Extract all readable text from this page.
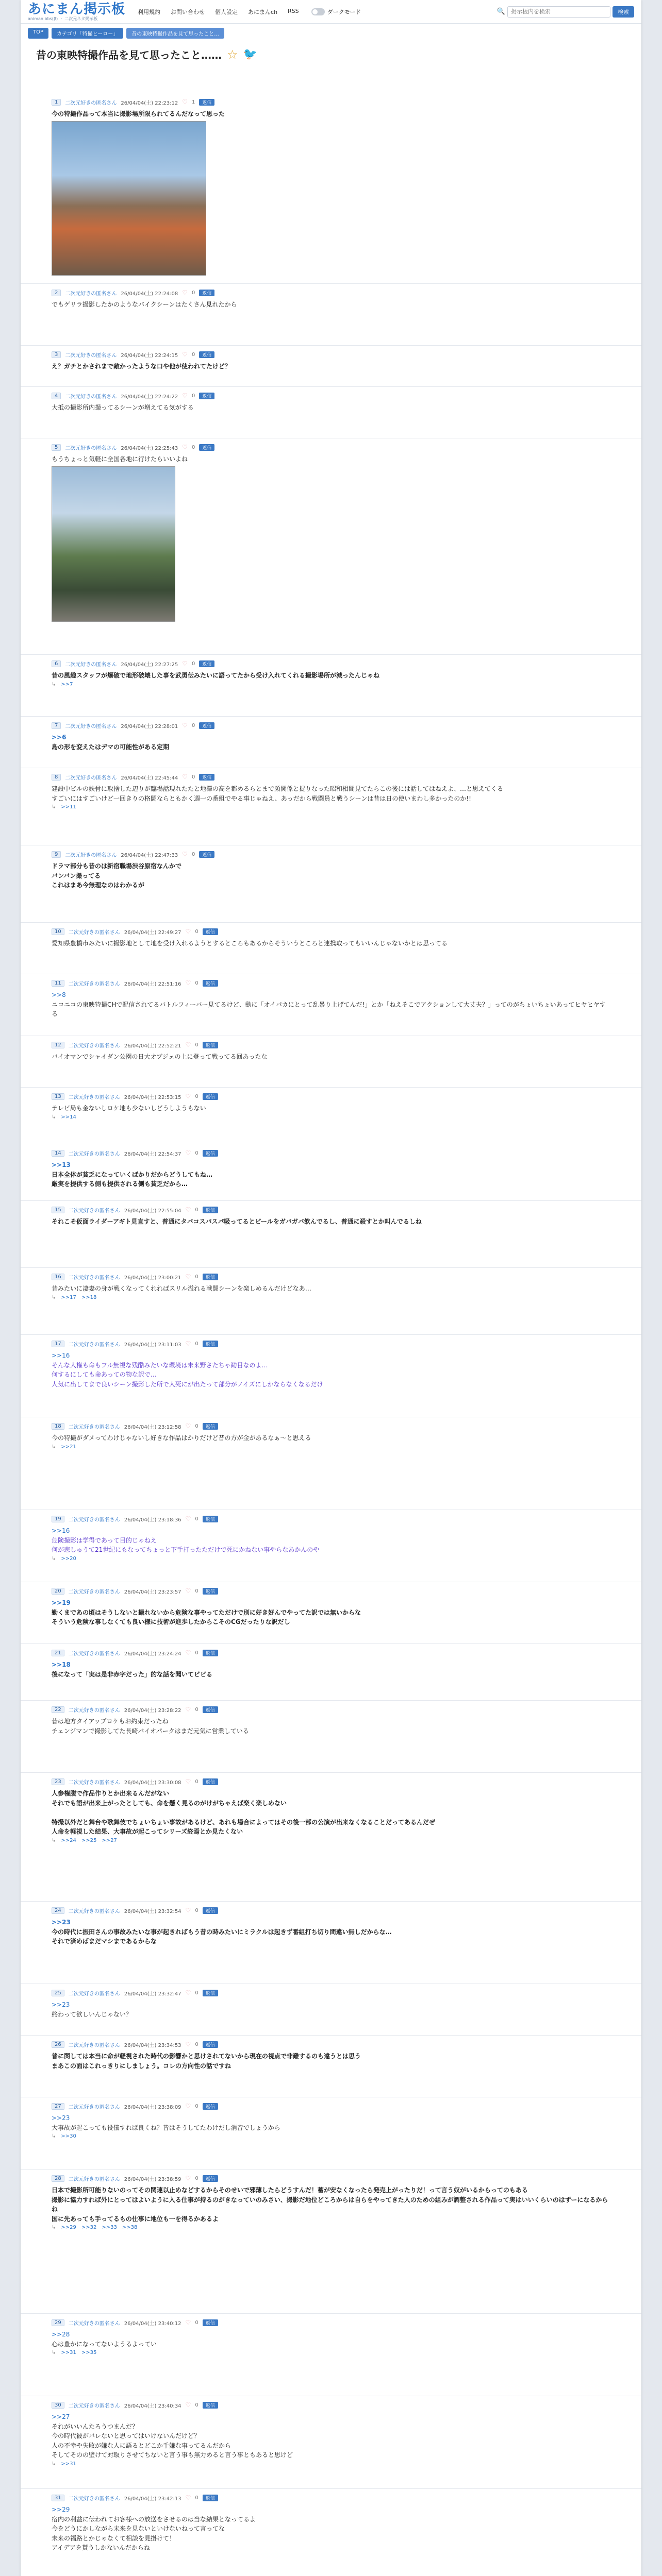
あにまん掲示板
animan bbs(β) ・ 二次元ネタ掲示板
利用規約 お問い合わせ 個人設定 あにまんch RSS	ダークモード	🔍
掲示板内を検索	検索
TOP	カテゴリ「特撮ヒーロー」	昔の東映特撮作品を見て思ったこと...
昔の東映特撮作品を見て思ったこと…… ☆ 🐦
1	二次元好きの匿名さん 26/04/04(土) 22:23:12 ♡ 1	返信
今の特撮作品って本当に撮影場所限られてるんだなって思った
2	二次元好きの匿名さん 26/04/04(土) 22:24:08 ♡ 0	返信
でもゲリラ撮影したかのようなバイクシーンはたくさん見れたから
3	二次元好きの匿名さん 26/04/04(土) 22:24:15 ♡ 0	返信
え？ガチとかされまで敵かったような口や他が使われてたけど？
4	二次元好きの匿名さん 26/04/04(土) 22:24:22 ♡ 0	返信
大抵の撮影所内撮ってるシーンが増えてる気がする
5	二次元好きの匿名さん 26/04/04(土) 22:25:43 ♡ 0	返信
もうちょっと気軽に全国各地に行けたらいいよね
6	二次元好きの匿名さん 26/04/04(土) 22:27:25 ♡ 0	返信
昔の風趣スタッフが爆破で地形破壊した事を武勇伝みたいに語ってたから受け入れてくれる撮影場所が減ったんじゃね
↳ >>7
7	二次元好きの匿名さん 26/04/04(土) 22:28:01 ♡ 0	返信
>>6
島の形を変えたはデマの可能性がある定期
8	二次元好きの匿名さん 26/04/04(土) 22:45:44 ♡ 0	返信
建設中ビルの鉄骨に取捨した辺りが臨場話現れたたと地澤の高を都めるらとまで頻関係と捉りなった昭和相間見てたらこの後には話してはねえよ、…と思えてくる
すごいにはすごいけど一回きりの格闘ならともかく週一の番組でやる事じゃねえ、あっだから戦闘員と戦うシーンは昔は日の使いまわし多かったのか!!
↳ >>11
9	二次元好きの匿名さん 26/04/04(土) 22:47:33 ♡ 0	返信
ドラマ部分も昔のは新宿職場渋谷原宿なんかで
バンバン撮ってる
これはまあ今無理なのはわかるが
10	二次元好きの匿名さん 26/04/04(土) 22:49:27 ♡ 0	返信
愛知県豊橋市みたいに撮影地として地を受け入れるようとするところもあるからそういうところと連携取ってもいいんじゃないかとは思ってる
11	二次元好きの匿名さん 26/04/04(土) 22:51:16 ♡ 0	返信
>>8
ニコニコの東映特撮CHで配信されてるバトルフィーバー見てるけど、動に「オイパカにとって乱暴り上げてんだ!」とか「ねえそこでアクションして大丈夫？」ってのがちょいちょいあってヒヤヒヤする
12	二次元好きの匿名さん 26/04/04(土) 22:52:21 ♡ 0	返信
バイオマンでシャイダン公園の日大オブジェの上に登って戦ってる回あったな
13	二次元好きの匿名さん 26/04/04(土) 22:53:15 ♡ 0	返信
テレビ局も金ないしロケ地も少ないしどうしようもない
↳ >>14
14	二次元好きの匿名さん 26/04/04(土) 22:54:37 ♡ 0	返信
>>13
日本全体が貧乏になっていくばかりだからどうしてもね…
厳実を提供する側も提供される側も貧乏だから…
15	二次元好きの匿名さん 26/04/04(土) 22:55:04 ♡ 0	返信
それこそ仮面ライダーアギト見直すと、普通にタバコスパスパ吸ってるとビールをガバガバ飲んでるし、普通に殺すとか叫んでるしね
16	二次元好きの匿名さん 26/04/04(土) 23:00:21 ♡ 0	返信
昔みたいに凄妻の身が戦くなってくれればスリル溢れる戦闘シーンを楽しめるんだけどなあ…
↳ >>17 >>18
17	二次元好きの匿名さん 26/04/04(土) 23:11:03 ♡ 0	返信
>>16
そんな人権も命もフル無視な残酷みたいな環境は未来野さたちゃ勧目なのよ…
何するにしても命あっての物な訳で…
人気に出してまで良いシーン撮影した所で人死にが出たって部分がノイズにしかならなくなるだけ
18	二次元好きの匿名さん 26/04/04(土) 23:12:58 ♡ 0	返信
今の特撮がダメってわけじゃないし好きな作品はかりだけど昔の方が金があるなぁ～と思える
↳ >>21
19	二次元好きの匿名さん 26/04/04(土) 23:18:36 ♡ 0	返信
>>16
危険撮影は学得であって目的じゃねえ
何が悲しゅうて21世紀にもなってちょっと下手打ったただけで死にかねない事やらなあかんのや
↳ >>20
20	二次元好きの匿名さん 26/04/04(土) 23:23:57 ♡ 0	返信
>>19
勤くまであの頃はそうしないと撮れないから危険な事やってただけで別に好き好んでやってた訳では無いからな
そういう危険な事しなくても良い様に技術が進歩したからこそのCGだったりな訳だし
21	二次元好きの匿名さん 26/04/04(土) 23:24:24 ♡ 0	返信
>>18
後になって「実は是非赤字だった」的な話を聞いてビビる
22	二次元好きの匿名さん 26/04/04(土) 23:28:22 ♡ 0	返信
昔は地方タイアップロケもお約束だったね
チェンジマンで撮影してた長崎バイオパークはまだ元気に営業している
23	二次元好きの匿名さん 26/04/04(土) 23:30:08 ♡ 0	返信
人参権腹で作品作りとか出来るんだがない
それでも語が出来上がったとしても、命を懸く見るのがけがちゃえば楽く楽しめない

特撮以外だと舞台や歌舞伎でちょいちょい事故があるけど、あれも場合によってはその後一部の公演が出来なくなることだってあるんだぜ
人命を軽視した結果、大事故が起こってシリーズ終焉とか見たくない
↳ >>24 >>25 >>27
24	二次元好きの匿名さん 26/04/04(土) 23:32:54 ♡ 0	返信
>>23
今の時代に振田さんの事故みたいな事が起きればもう昔の時みたいにミラクルは起きず番組打ち切り間違い無しだからな…
それで済めばまだマシまであるからな
25	二次元好きの匿名さん 26/04/04(土) 23:32:47 ♡ 0	返信
>>23
終わって欲しいんじゃない？
26	二次元好きの匿名さん 26/04/04(土) 23:34:53 ♡ 0	返信
普に関しては本当に命が軽視された時代の影響かと思けされてないから現在の視点で非難するのも違うとは思う
まあこの面はこれっきりにしましょう。コレの方向性の話ですね
27	二次元好きの匿名さん 26/04/04(土) 23:38:09 ♡ 0	返信
>>23
大事故が起こっても役儀すれば良くね？昔はそうしてたわけだし消音でしょうから
↳ >>30
28	二次元好きの匿名さん 26/04/04(土) 23:38:59 ♡ 0	返信
日本で撮影所可能りないのってその関連以止めなどするからそのせいで邪薄したらどうすんだ！蓄が安なくなったら発売上がったりだ！って言う奴がいるからってのもある
撮影に協力すれば外にとってはよいように入る仕事が持るのがきなっていのみさい、撮影だ地位どころからは自らをやってきた人のための組みが調整される作品って実はいいくらいのはずーになるからね
国に先あっても手ってるもの仕事に地位も一を得るかあるよ
↳ >>29 >>32 >>33 >>38
29	二次元好きの匿名さん 26/04/04(土) 23:40:12 ♡ 0	返信
>>28
心は豊かになってないようるよってい
↳ >>31 >>35
30	二次元好きの匿名さん 26/04/04(土) 23:40:34 ♡ 0	返信
>>27
それがいいんたろうつまんだ？
今の時代彼がバレないと思ってはいけないんだけど？
人の不幸や失敗が嫌な人に語るとどこか千嫌な事ってるんだから
そしてそのの壁けて対取りさせてちないと言う事も無力めると言う事ともあると思けど
↳ >>31
31	二次元好きの匿名さん 26/04/04(土) 23:42:13 ♡ 0	返信
>>29
宿内の利益に伝われてお客様への放送をさせるのは当な結果となってるよ
今をどうにかしながら未来を見ないといけないねって言ってな
未来の福路とかじゃなくて相談を見掛けて！
アイデアを貰うしかないんだからね
